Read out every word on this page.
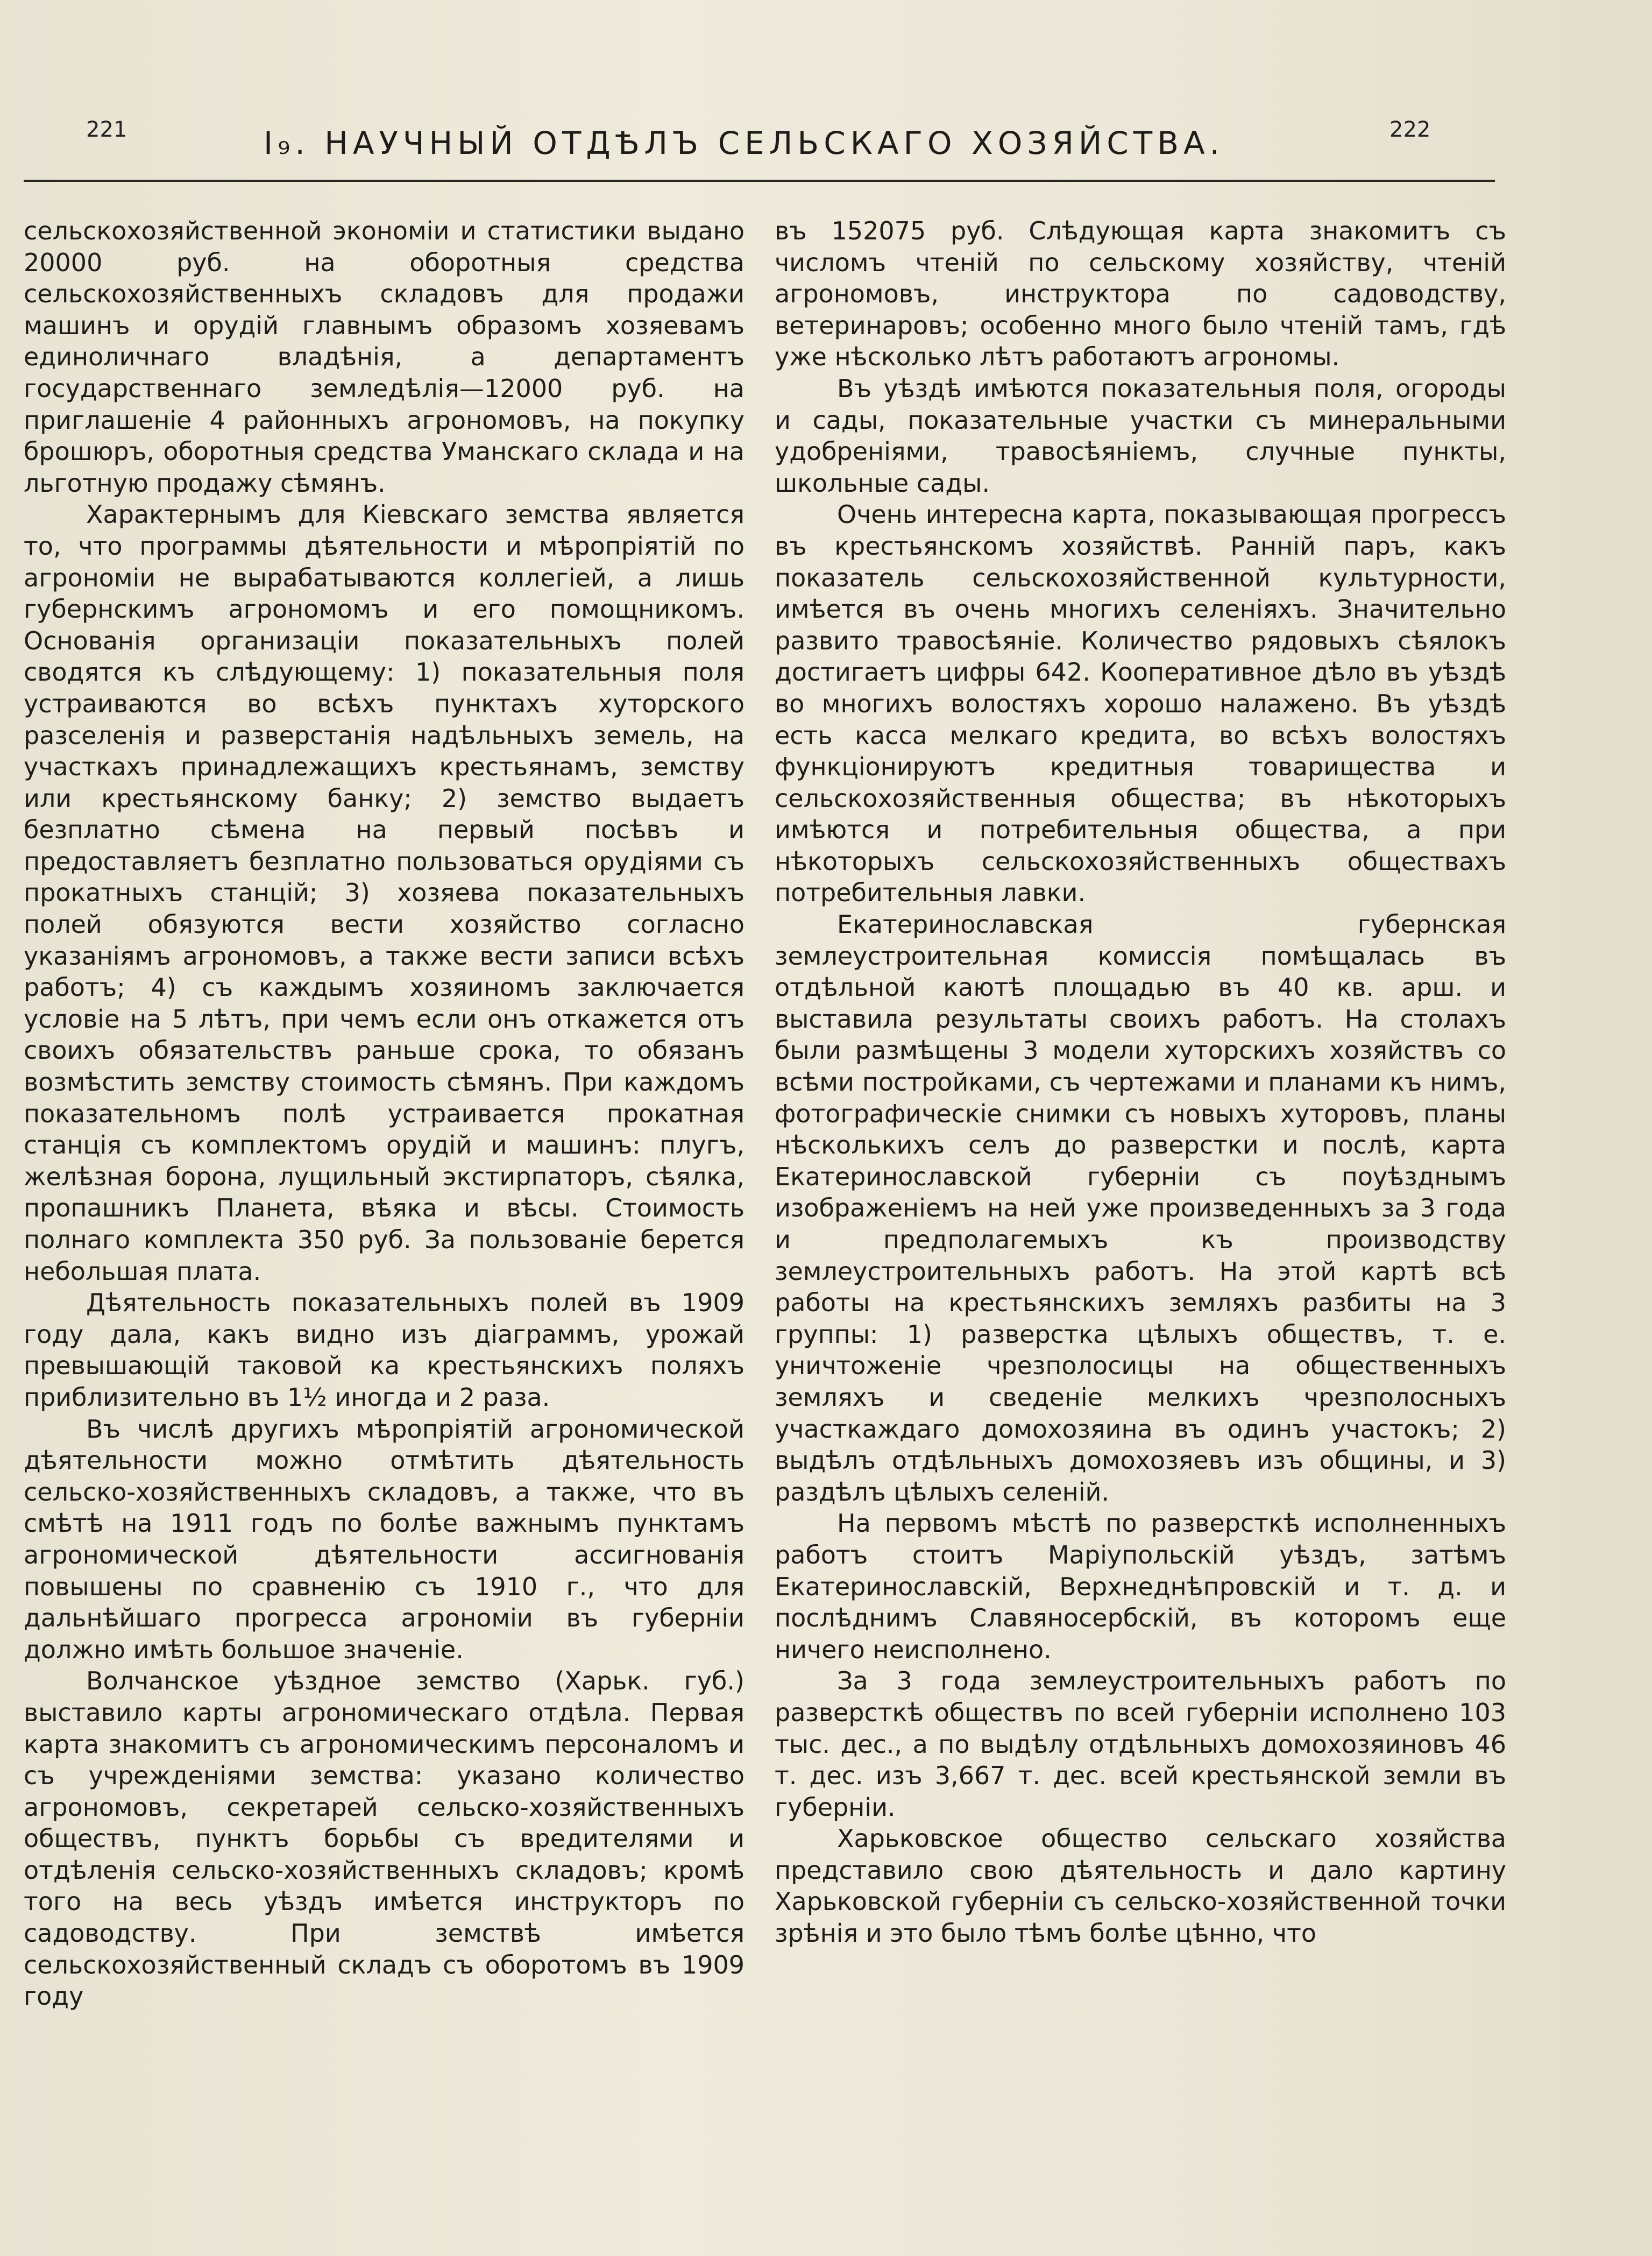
221	I₉. НАУЧНЫЙ ОТДѢЛЪ СЕЛЬСКАГО ХОЗЯЙСТВА.	222

сельскохозяйственной экономіи и статистики выдано 20000 руб. на оборотныя средства сельскохозяйственныхъ складовъ для продажи машинъ и орудій главнымъ образомъ хозяевамъ единоличнаго владѣнія, а департаментъ государственнаго земледѣлія—12000 руб. на приглашеніе 4 районныхъ агрономовъ, на покупку брошюръ, оборотныя средства Уманскаго склада и на льготную продажу сѣмянъ.

Характернымъ для Кіевскаго земства является то, что программы дѣятельности и мѣропріятій по агрономіи не вырабатываются коллегіей, а лишь губернскимъ агрономомъ и его помощникомъ. Основанія организаціи показательныхъ полей сводятся къ слѣдующему: 1) показательныя поля устраиваются во всѣхъ пунктахъ хуторского разселенія и разверстанія надѣльныхъ земель, на участкахъ принадлежащихъ крестьянамъ, земству или крестьянскому банку; 2) земство выдаетъ безплатно сѣмена на первый посѣвъ и предоставляетъ безплатно пользоваться орудіями съ прокатныхъ станцій; 3) хозяева показательныхъ полей обязуются вести хозяйство согласно указаніямъ агрономовъ, а также вести записи всѣхъ работъ; 4) съ каждымъ хозяиномъ заключается условіе на 5 лѣтъ, при чемъ если онъ откажется отъ своихъ обязательствъ раньше срока, то обязанъ возмѣстить земству стоимость сѣмянъ. При каждомъ показательномъ полѣ устраивается прокатная станція съ комплектомъ орудій и машинъ: плугъ, желѣзная борона, лущильный экстирпаторъ, сѣялка, пропашникъ Планета, вѣяка и вѣсы. Стоимость полнаго комплекта 350 руб. За пользованіе берется небольшая плата.

Дѣятельность показательныхъ полей въ 1909 году дала, какъ видно изъ діаграммъ, урожай превышающій таковой ка крестьянскихъ поляхъ приблизительно въ 1½ иногда и 2 раза.

Въ числѣ другихъ мѣропріятій агрономической дѣятельности можно отмѣтить дѣятельность сельско-хозяйственныхъ складовъ, а также, что въ смѣтѣ на 1911 годъ по болѣе важнымъ пунктамъ агрономической дѣятельности ассигнованія повышены по сравненію съ 1910 г., что для дальнѣйшаго прогресса агрономіи въ губерніи должно имѣть большое значеніе.

Волчанское уѣздное земство (Харьк. губ.) выставило карты агрономическаго отдѣла. Первая карта знакомитъ съ агрономическимъ персоналомъ и съ учрежденіями земства: указано количество агрономовъ, секретарей сельско-хозяйственныхъ обществъ, пунктъ борьбы съ вредителями и отдѣленія сельско-хозяйственныхъ складовъ; кромѣ того на весь уѣздъ имѣется инструкторъ по садоводству. При земствѣ имѣется сельскохозяйственный складъ съ оборотомъ въ 1909 году

въ 152075 руб. Слѣдующая карта знакомитъ съ числомъ чтеній по сельскому хозяйству, чтеній агрономовъ, инструктора по садоводству, ветеринаровъ; особенно много было чтеній тамъ, гдѣ уже нѣсколько лѣтъ работаютъ агрономы.

Въ уѣздѣ имѣются показательныя поля, огороды и сады, показательные участки съ минеральными удобреніями, травосѣяніемъ, случные пункты, школьные сады.

Очень интересна карта, показывающая прогрессъ въ крестьянскомъ хозяйствѣ. Ранній паръ, какъ показатель сельскохозяйственной культурности, имѣется въ очень многихъ селеніяхъ. Значительно развито травосѣяніе. Количество рядовыхъ сѣялокъ достигаетъ цифры 642. Кооперативное дѣло въ уѣздѣ во многихъ волостяхъ хорошо налажено. Въ уѣздѣ есть касса мелкаго кредита, во всѣхъ волостяхъ функціонируютъ кредитныя товарищества и сельскохозяйственныя общества; въ нѣкоторыхъ имѣются и потребительныя общества, а при нѣкоторыхъ сельскохозяйственныхъ обществахъ потребительныя лавки.

Екатеринославская губернская землеустроительная комиссія помѣщалась въ отдѣльной каютѣ площадью въ 40 кв. арш. и выставила результаты своихъ работъ. На столахъ были размѣщены 3 модели хуторскихъ хозяйствъ со всѣми постройками, съ чертежами и планами къ нимъ, фотографическіе снимки съ новыхъ хуторовъ, планы нѣсколькихъ селъ до разверстки и послѣ, карта Екатеринославской губерніи съ поуѣзднымъ изображеніемъ на ней уже произведенныхъ за 3 года и предполагемыхъ къ производству землеустроительныхъ работъ. На этой картѣ всѣ работы на крестьянскихъ земляхъ разбиты на 3 группы: 1) разверстка цѣлыхъ обществъ, т. е. уничтоженіе чрезполосицы на общественныхъ земляхъ и сведеніе мелкихъ чрезполосныхъ участкаждаго домохозяина въ одинъ участокъ; 2) выдѣлъ отдѣльныхъ домохозяевъ изъ общины, и 3) раздѣлъ цѣлыхъ селеній.

На первомъ мѣстѣ по разверсткѣ исполненныхъ работъ стоитъ Маріупольскій уѣздъ, затѣмъ Екатеринославскій, Верхнеднѣпровскій и т. д. и послѣднимъ Славяносербскій, въ которомъ еще ничего неисполнено.

За 3 года землеустроительныхъ работъ по разверсткѣ обществъ по всей губерніи исполнено 103 тыс. дес., а по выдѣлу отдѣльныхъ домохозяиновъ 46 т. дес. изъ 3,667 т. дес. всей крестьянской земли въ губерніи.

Харьковское общество сельскаго хозяйства представило свою дѣятельность и дало картину Харьковской губерніи съ сельско-хозяйственной точки зрѣнія и это было тѣмъ болѣе цѣнно, что
